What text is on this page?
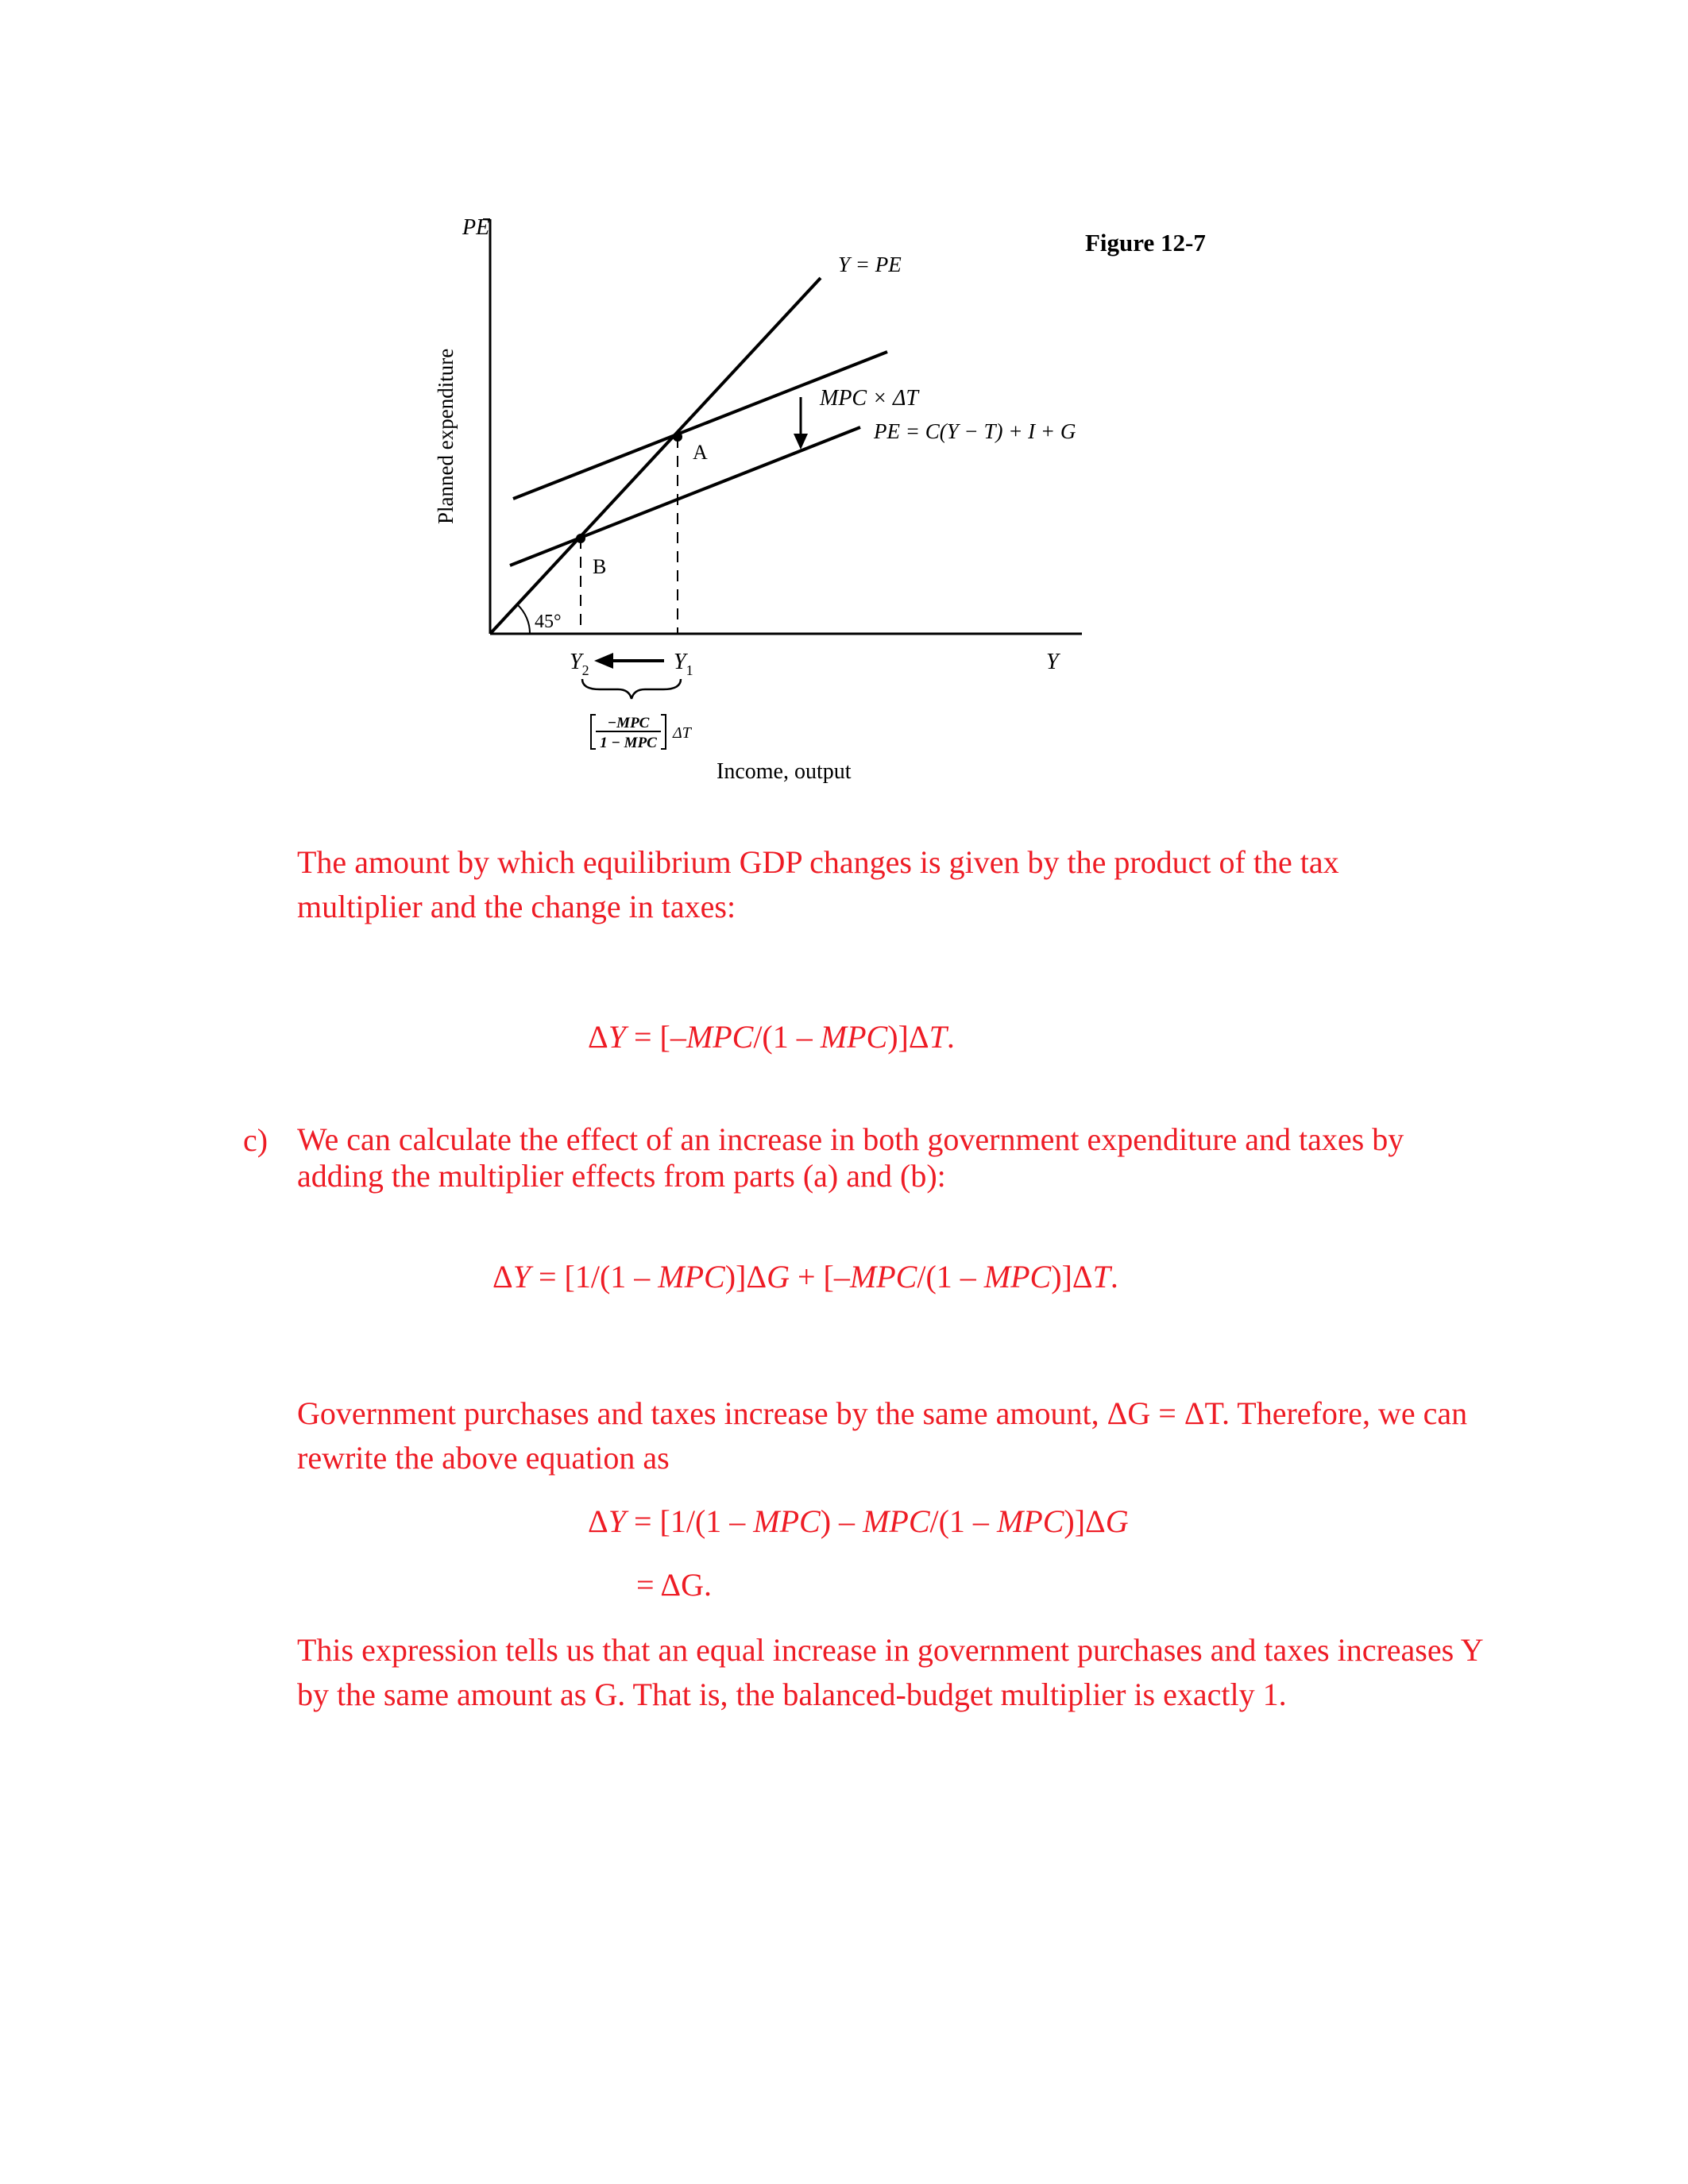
Figure 12-7
PE
Planned expenditure
Y
Income, output
Y = PE
MPC × ΔT
PE = C(Y − T) + I + G
45°
A
B
$Y_1$
$Y_2$
−MPC
1 − MPC
ΔT

The amount by which equilibrium GDP changes is given by the product of the tax multiplier and the change in taxes:

ΔY = [–MPC/(1 – MPC)]ΔT.

c) We can calculate the effect of an increase in both government expenditure and taxes by adding the multiplier effects from parts (a) and (b):

ΔY = [1/(1 – MPC)]ΔG + [–MPC/(1 – MPC)]ΔT.

Government purchases and taxes increase by the same amount, ΔG = ΔT. Therefore, we can rewrite the above equation as

ΔY = [1/(1 – MPC) – MPC/(1 – MPC)]ΔG

= ΔG.

This expression tells us that an equal increase in government purchases and taxes increases Y by the same amount as G. That is, the balanced-budget multiplier is exactly 1.
